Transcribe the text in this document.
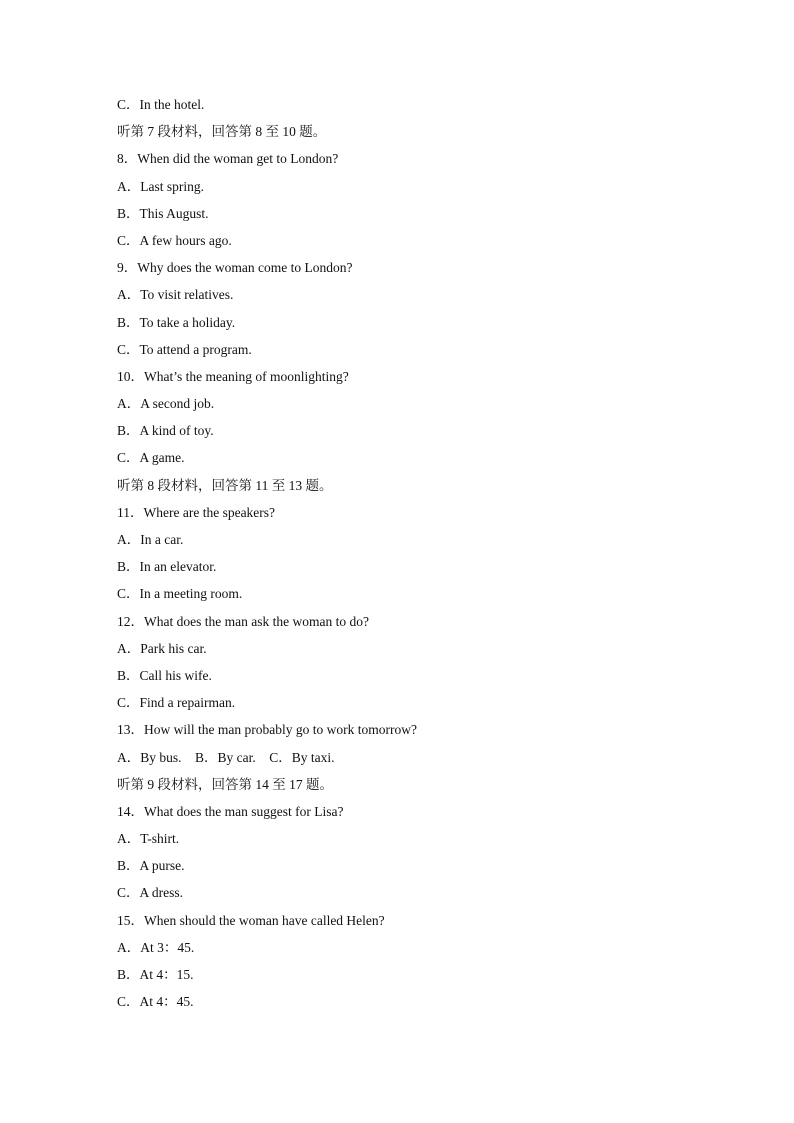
C．In the hotel.
听第 7 段材料，回答第 8 至 10 题。
8．When did the woman get to London?
A．Last spring.
B．This August.
C．A few hours ago.
9．Why does the woman come to London?
A．To visit relatives.
B．To take a holiday.
C．To attend a program.
10．What’s the meaning of moonlighting?
A．A second job.
B．A kind of toy.
C．A game.
听第 8 段材料，回答第 11 至 13 题。
11．Where are the speakers?
A．In a car.
B．In an elevator.
C．In a meeting room.
12．What does the man ask the woman to do?
A．Park his car.
B．Call his wife.
C．Find a repairman.
13．How will the man probably go to work tomorrow?
A．By bus.    B．By car.    C．By taxi.
听第 9 段材料，回答第 14 至 17 题。
14．What does the man suggest for Lisa?
A．T-shirt.
B．A purse.
C．A dress.
15．When should the woman have called Helen?
A．At 3：45.
B．At 4：15.
C．At 4：45.
